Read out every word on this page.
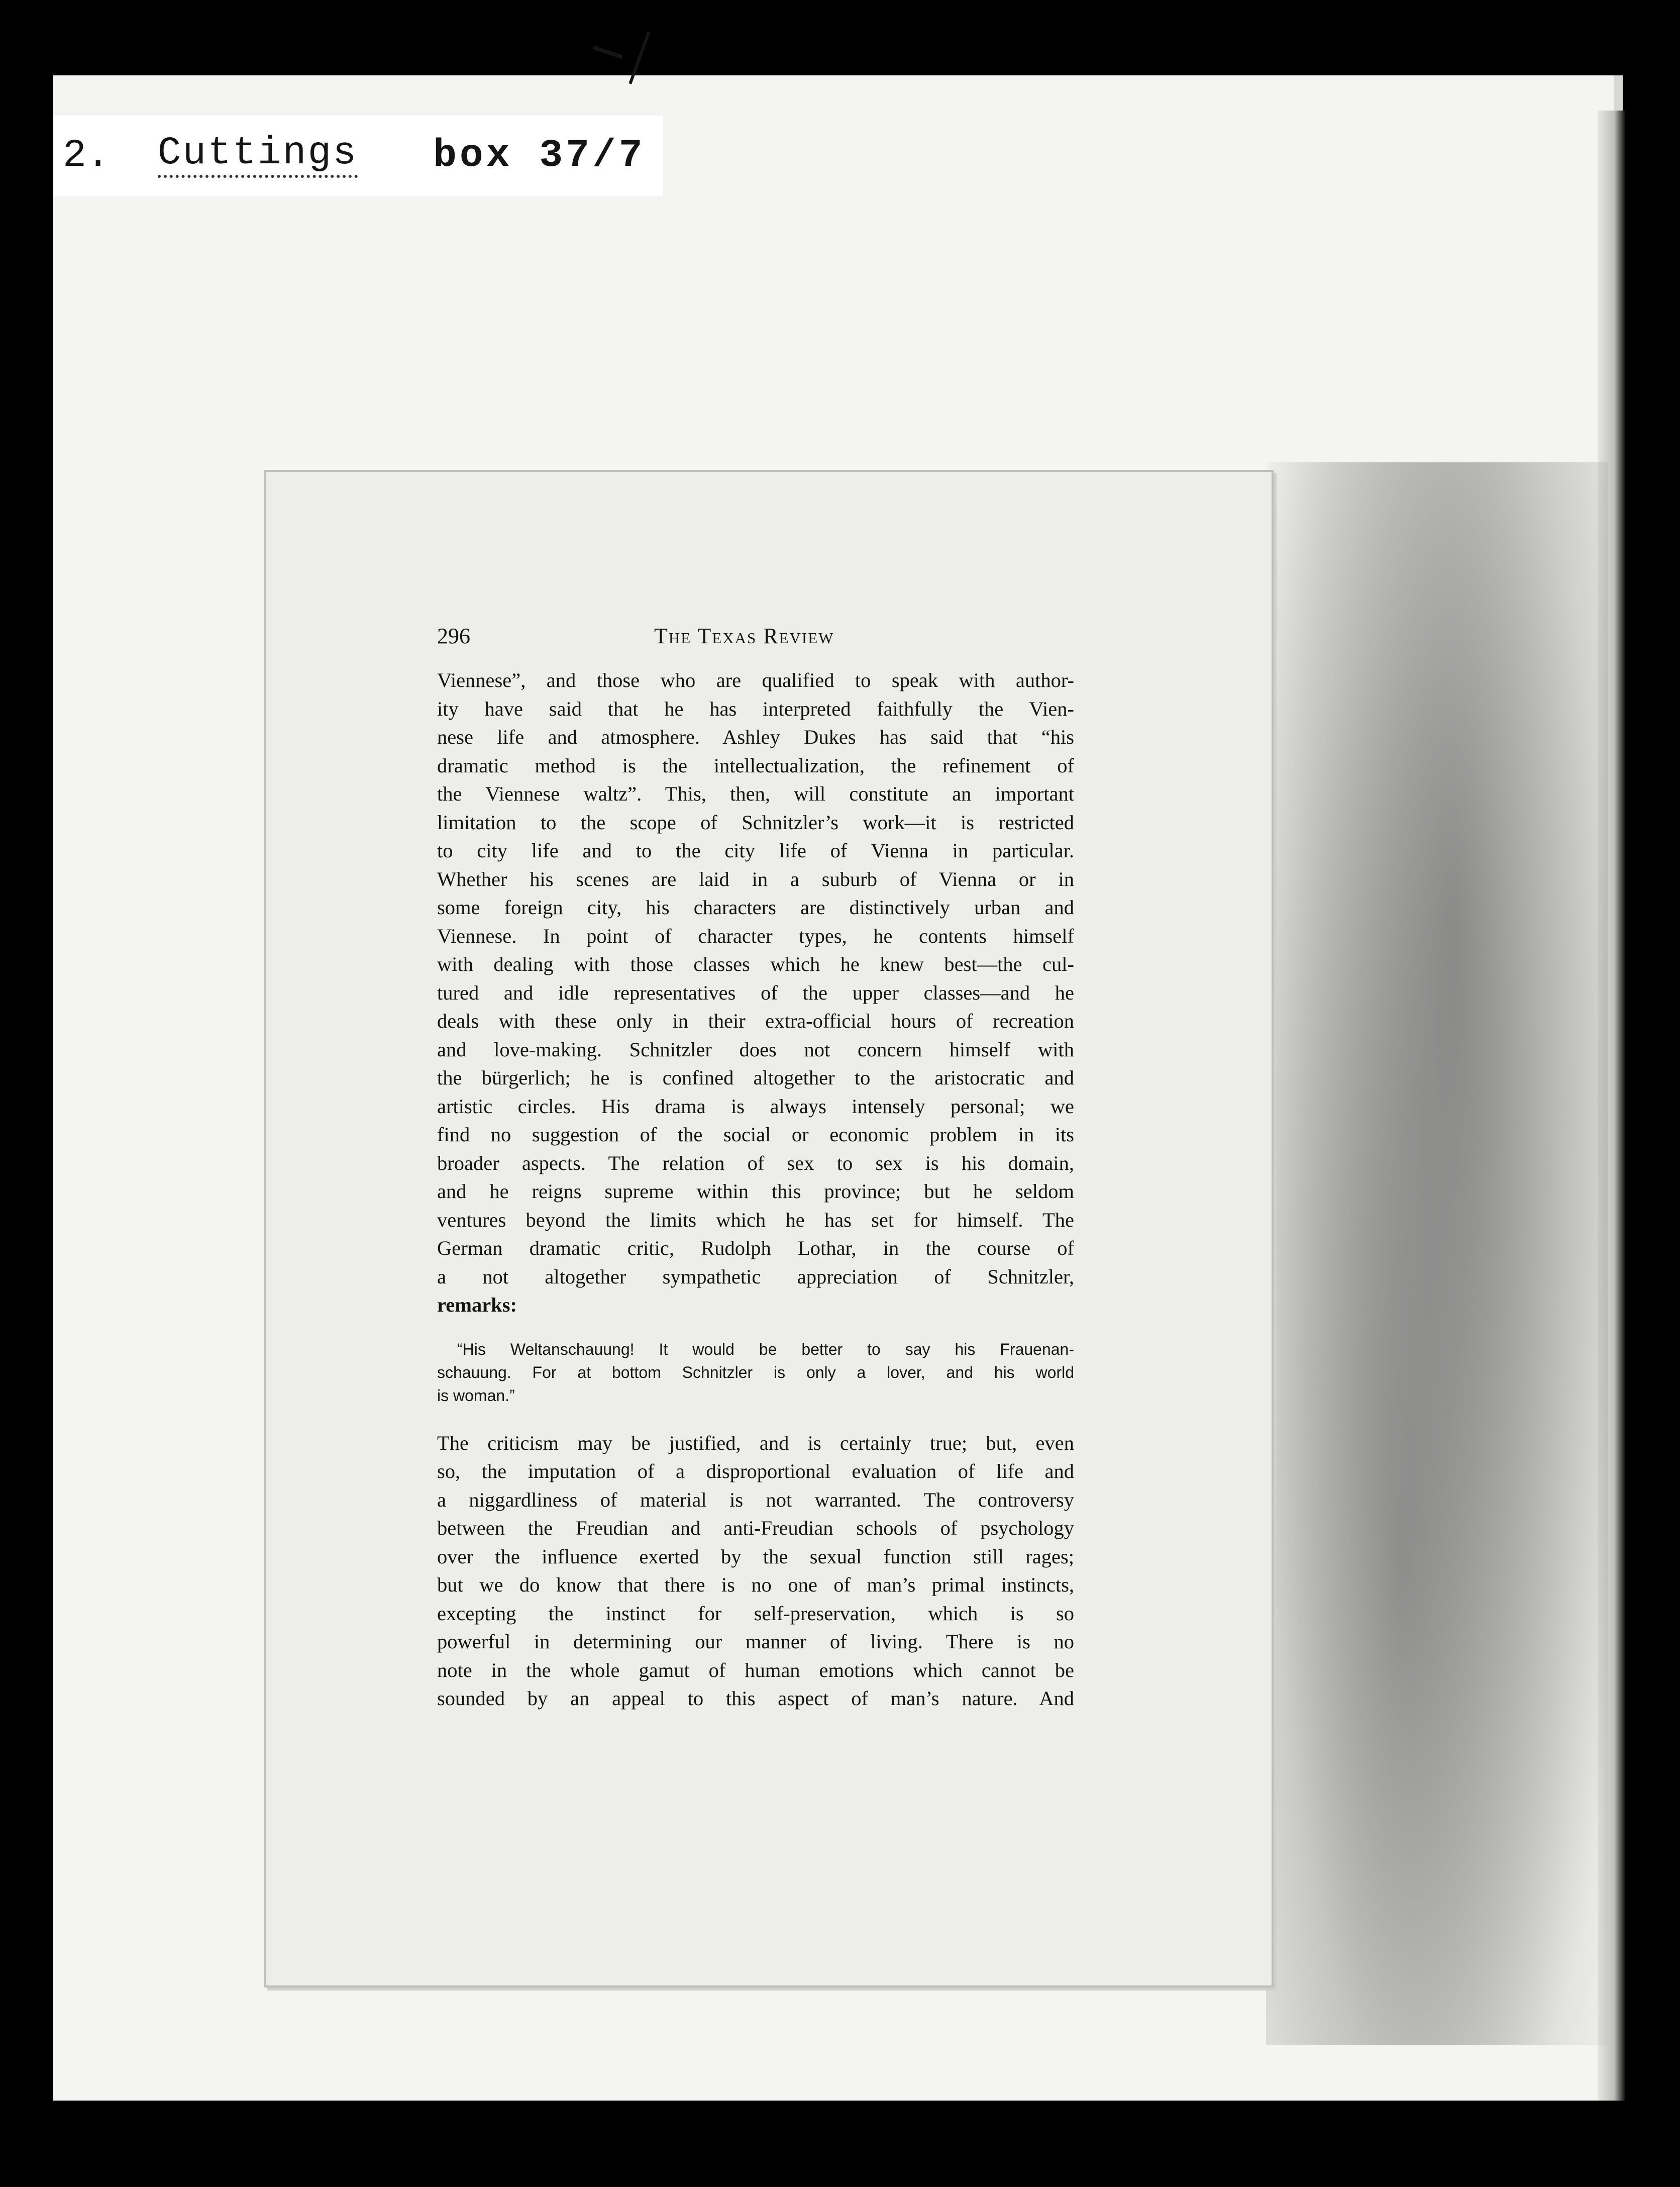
2. Cuttings box 37/7
296	The Texas Review

Viennese”, and those who are qualified to speak with author-
ity have said that he has interpreted faithfully the Vien-
nese life and atmosphere. Ashley Dukes has said that “his
dramatic method is the intellectualization, the refinement of
the Viennese waltz”. This, then, will constitute an important
limitation to the scope of Schnitzler’s work—it is restricted
to city life and to the city life of Vienna in particular.
Whether his scenes are laid in a suburb of Vienna or in
some foreign city, his characters are distinctively urban and
Viennese. In point of character types, he contents himself
with dealing with those classes which he knew best—the cul-
tured and idle representatives of the upper classes—and he
deals with these only in their extra-official hours of recreation
and love-making. Schnitzler does not concern himself with
the bürgerlich; he is confined altogether to the aristocratic and
artistic circles. His drama is always intensely personal; we
find no suggestion of the social or economic problem in its
broader aspects. The relation of sex to sex is his domain,
and he reigns supreme within this province; but he seldom
ventures beyond the limits which he has set for himself. The
German dramatic critic, Rudolph Lothar, in the course of
a not altogether sympathetic appreciation of Schnitzler,
remarks:

“His Weltanschauung! It would be better to say his Frauenan-
schauung. For at bottom Schnitzler is only a lover, and his world
is woman.”

The criticism may be justified, and is certainly true; but, even
so, the imputation of a disproportional evaluation of life and
a niggardliness of material is not warranted. The controversy
between the Freudian and anti-Freudian schools of psychology
over the influence exerted by the sexual function still rages;
but we do know that there is no one of man’s primal instincts,
excepting the instinct for self-preservation, which is so
powerful in determining our manner of living. There is no
note in the whole gamut of human emotions which cannot be
sounded by an appeal to this aspect of man’s nature. And
